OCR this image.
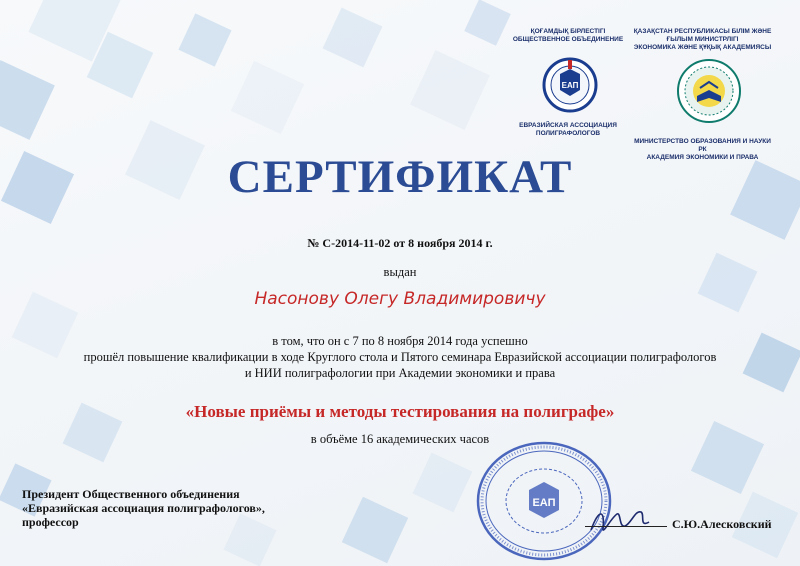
ҚОҒАМДЫҚ БІРЛЕСТІГІ
ОБЩЕСТВЕННОЕ ОБЪЕДИНЕНИЕ
ЕАП
ЕВРАЗИЙСКАЯ АССОЦИАЦИЯ
ПОЛИГРАФОЛОГОВ
ҚАЗАҚСТАН РЕСПУБЛИКАСЫ БІЛІМ ЖӘНЕ
ҒЫЛЫМ МИНИСТРЛІГІ
ЭКОНОМИКА ЖӘНЕ ҚҰҚЫҚ АКАДЕМИЯСЫ
МИНИСТЕРСТВО ОБРАЗОВАНИЯ И НАУКИ РК
АКАДЕМИЯ ЭКОНОМИКИ И ПРАВА
СЕРТИФИКАТ
№ С-2014-11-02 от 8 ноября 2014 г.
выдан
Насонову Олегу Владимировичу
в том, что он с 7 по 8 ноября 2014 года успешно
прошёл повышение квалификации в ходе Круглого стола и Пятого семинара Евразийской ассоциации полиграфологов
и НИИ полиграфологии при Академии экономики и права
«Новые приёмы и методы тестирования на полиграфе»
в объёме 16 академических часов
Президент Общественного объединения
«Евразийская ассоциация полиграфологов»,
профессор
ЕАП
С.Ю.Алесковский
